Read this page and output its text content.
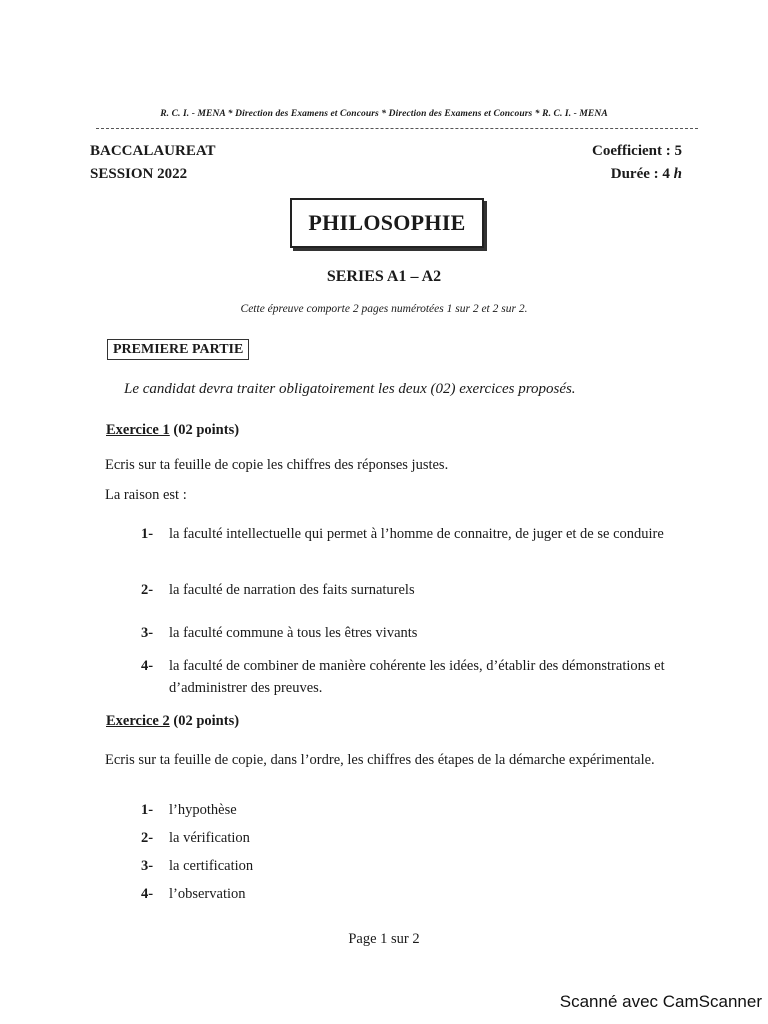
R. C. I. - MENA * Direction des Examens et Concours * Direction des Examens et Concours * R. C. I. - MENA
BACCALAUREAT
SESSION 2022
Coefficient : 5
Durée : 4 h
PHILOSOPHIE
SERIES A1 – A2
Cette épreuve comporte 2 pages numérotées 1 sur 2 et 2 sur 2.
PREMIERE PARTIE
Le candidat devra traiter obligatoirement les deux (02) exercices proposés.
Exercice 1 (02 points)
Ecris sur ta feuille de copie les chiffres des réponses justes.
La raison est :
1-	la faculté intellectuelle qui permet à l’homme de connaitre, de juger et de se conduire
2-	la faculté de narration des faits surnaturels
3-	la faculté commune à tous les êtres vivants
4-	la faculté de combiner de manière cohérente les idées, d’établir des démonstrations et d’administrer des preuves.
Exercice 2 (02 points)
Ecris sur ta feuille de copie, dans l’ordre, les chiffres des étapes de la démarche expérimentale.
1-	l’hypothèse
2-	la vérification
3-	la certification
4-	l’observation
Page 1 sur 2
Scanné avec CamScanner
